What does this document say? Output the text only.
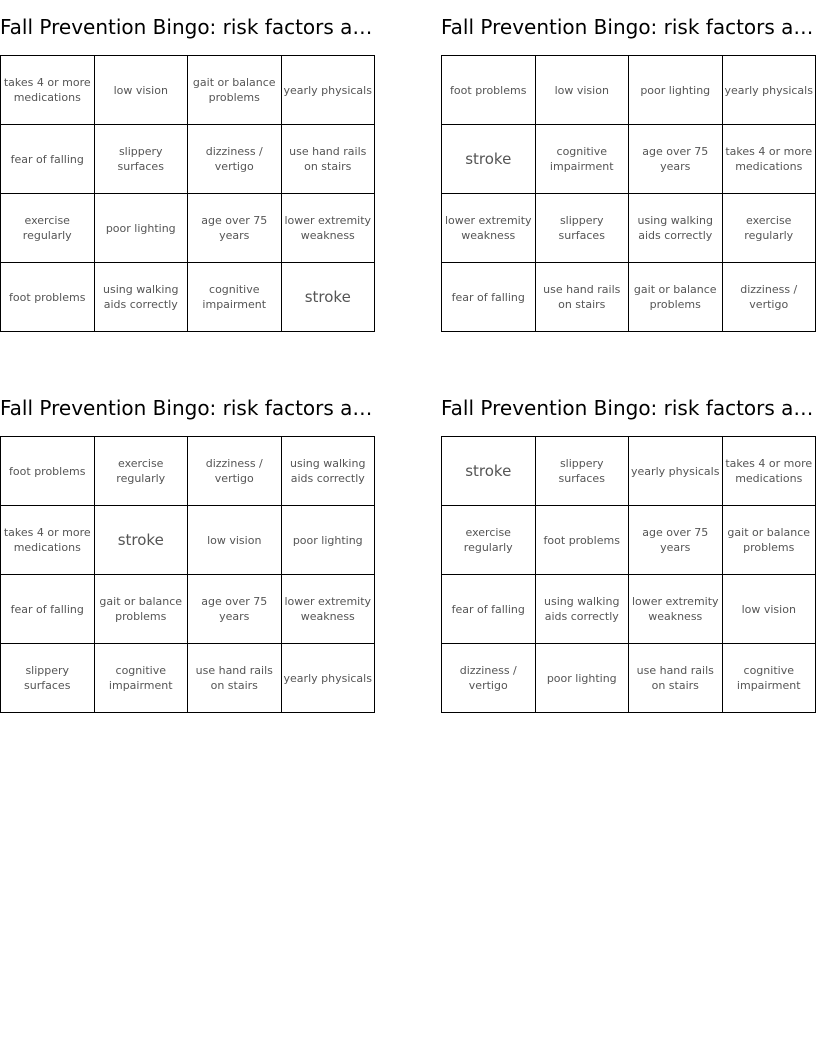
Fall Prevention Bingo: risk factors a…
takes 4 or more medications	low vision	gait or balance problems	yearly physicals
fear of falling	slippery surfaces	dizziness / vertigo	use hand rails on stairs
exercise regularly	poor lighting	age over 75 years	lower extremity weakness
foot problems	using walking aids correctly	cognitive impairment	stroke
Fall Prevention Bingo: risk factors a…
foot problems	low vision	poor lighting	yearly physicals
stroke	cognitive impairment	age over 75 years	takes 4 or more medications
lower extremity weakness	slippery surfaces	using walking aids correctly	exercise regularly
fear of falling	use hand rails on stairs	gait or balance problems	dizziness / vertigo
Fall Prevention Bingo: risk factors a…
foot problems	exercise regularly	dizziness / vertigo	using walking aids correctly
takes 4 or more medications	stroke	low vision	poor lighting
fear of falling	gait or balance problems	age over 75 years	lower extremity weakness
slippery surfaces	cognitive impairment	use hand rails on stairs	yearly physicals
Fall Prevention Bingo: risk factors a…
stroke	slippery surfaces	yearly physicals	takes 4 or more medications
exercise regularly	foot problems	age over 75 years	gait or balance problems
fear of falling	using walking aids correctly	lower extremity weakness	low vision
dizziness / vertigo	poor lighting	use hand rails on stairs	cognitive impairment
